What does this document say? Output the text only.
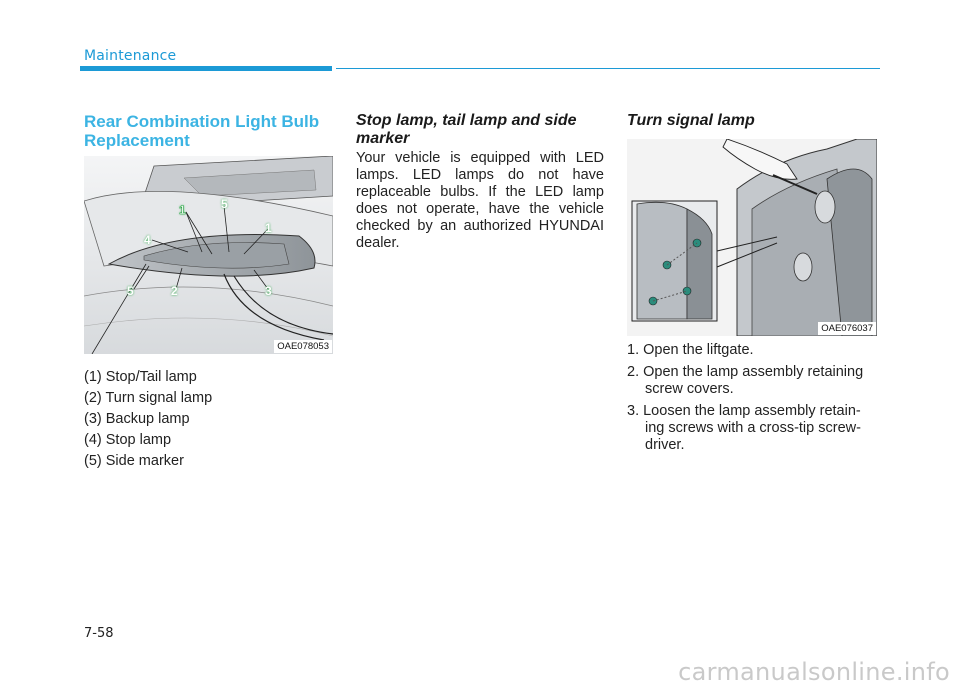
Maintenance
Rear Combination Light Bulb Replacement
1	5
1
4
5	2	3
OAE078053
(1) Stop/Tail lamp
(2) Turn signal lamp
(3) Backup lamp
(4) Stop lamp
(5) Side marker
Stop lamp, tail lamp and side marker

Your vehicle is equipped with LED lamps. LED lamps do not have replaceable bulbs. If the LED lamp does not operate, have the vehicle checked by an authorized HYUNDAI dealer.

Turn signal lamp
OAE076037
1. Open the liftgate.
2. Open the lamp assembly retaining screw covers.
3. Loosen the lamp assembly retain-ing screws with a cross-tip screw-driver.
7-58
carmanualsonline.info
